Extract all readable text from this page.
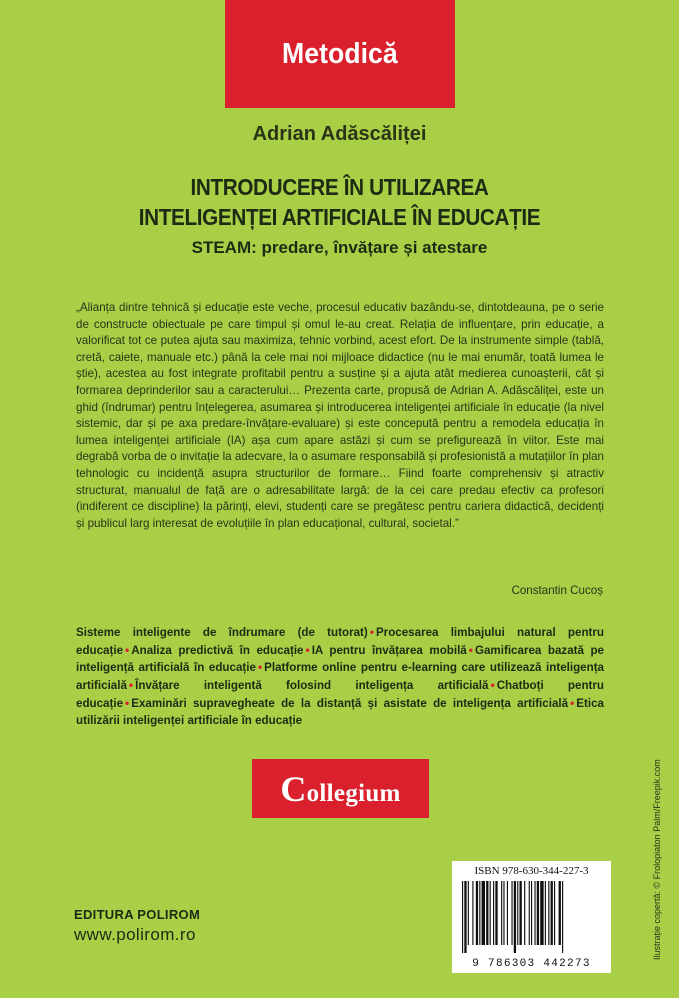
Metodică
Adrian Adăscăliței
INTRODUCERE ÎN UTILIZAREA
INTELIGENȚEI ARTIFICIALE ÎN EDUCAȚIE
STEAM: predare, învățare și atestare
„Alianța dintre tehnică și educație este veche, procesul educativ bazându-se, dintotdeauna, pe o serie de constructe obiectuale pe care timpul și omul le-au creat. Relația de influențare, prin educație, a valorificat tot ce putea ajuta sau maximiza, tehnic vorbind, acest efort. De la instrumente simple (tablă, cretă, caiete, manuale etc.) până la cele mai noi mijloace didactice (nu le mai enumăr, toată lumea le știe), acestea au fost integrate profitabil pentru a susține și a ajuta atât medierea cunoașterii, cât și formarea deprinderilor sau a caracterului… Prezenta carte, propusă de Adrian A. Adăscăliței, este un ghid (îndrumar) pentru înțelegerea, asumarea și introducerea inteligenței artificiale în educație (la nivel sistemic, dar și pe axa predare-învățare-evaluare) și este concepută pentru a remodela educația în lumea inteligenței artificiale (IA) așa cum apare astăzi și cum se prefigurează în viitor. Este mai degrabă vorba de o invitație la adecvare, la o asumare responsabilă și profesionistă a mutațiilor în plan tehnologic cu incidență asupra structurilor de formare… Fiind foarte comprehensiv și atractiv structurat, manualul de față are o adresabilitate largă: de la cei care predau efectiv ca profesori (indiferent ce discipline) la părinți, elevi, studenți care se pregătesc pentru cariera didactică, decidenți și publicul larg interesat de evoluțiile în plan educațional, cultural, societal.”
Constantin Cucoș
Sisteme inteligente de îndrumare (de tutorat) • Procesarea limbajului natural pentru educație • Analiza predictivă în educație • IA pentru învățarea mobilă • Gamificarea bazată pe inteligență artificială în educație • Platforme online pentru e-learning care utilizează inteligența artificială • Învățare inteligentă folosind inteligența artificială • Chatboți pentru educație • Examinări supravegheate de la distanță și asistate de inteligența artificială • Etica utilizării inteligenței artificiale în educație
Collegium
EDITURA POLIROM
www.polirom.ro
ISBN 978-630-344-227-3
9 786303 442273
Ilustrație copertă: © Frolopiaton Palm/Freepik.com
